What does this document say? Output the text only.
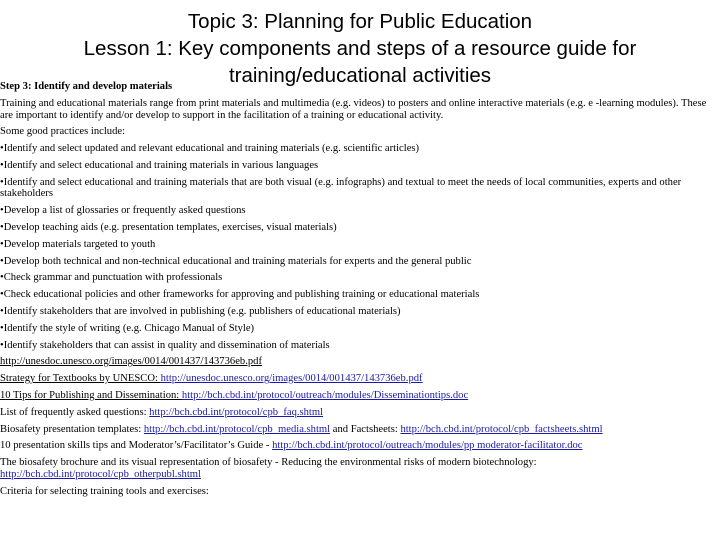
Topic 3: Planning for Public Education
Lesson 1: Key components and steps of a resource guide for
training/educational activities

Step 3: Identify and develop materials

Training and educational materials range from print materials and multimedia (e.g. videos) to posters and online interactive materials (e.g. e -learning modules). These are important to identify and/or develop to support in the facilitation of a training or educational activity.

Some good practices include:

•Identify and select updated and relevant educational and training materials (e.g. scientific articles)

•Identify and select educational and training materials in various languages

•Identify and select educational and training materials that are both visual (e.g. infographs) and textual to meet the needs of local communities, experts and other stakeholders

•Develop a list of glossaries or frequently asked questions

•Develop teaching aids (e.g. presentation templates, exercises, visual materials)

•Develop materials targeted to youth

•Develop both technical and non-technical educational and training materials for experts and the general public

•Check grammar and punctuation with professionals

•Check educational policies and other frameworks for approving and publishing training or educational materials

•Identify stakeholders that are involved in publishing (e.g. publishers of educational materials)

•Identify the style of writing (e.g. Chicago Manual of Style)

•Identify stakeholders that can assist in quality and dissemination of materials

http://unesdoc.unesco.org/images/0014/001437/143736eb.pdf

Strategy for Textbooks by UNESCO: http://unesdoc.unesco.org/images/0014/001437/143736eb.pdf

10 Tips for Publishing and Dissemination: http://bch.cbd.int/protocol/outreach/modules/Disseminationtips.doc

List of frequently asked questions: http://bch.cbd.int/protocol/cpb_faq.shtml

Biosafety presentation templates: http://bch.cbd.int/protocol/cpb_media.shtml and Factsheets: http://bch.cbd.int/protocol/cpb_factsheets.shtml

10 presentation skills tips and Moderator’s/Facilitator’s Guide - http://bch.cbd.int/protocol/outreach/modules/pp moderator-facilitator.doc

The biosafety brochure and its visual representation of biosafety - Reducing the environmental risks of modern biotechnology: http://bch.cbd.int/protocol/cpb_otherpubl.shtml

Criteria for selecting training tools and exercises:
